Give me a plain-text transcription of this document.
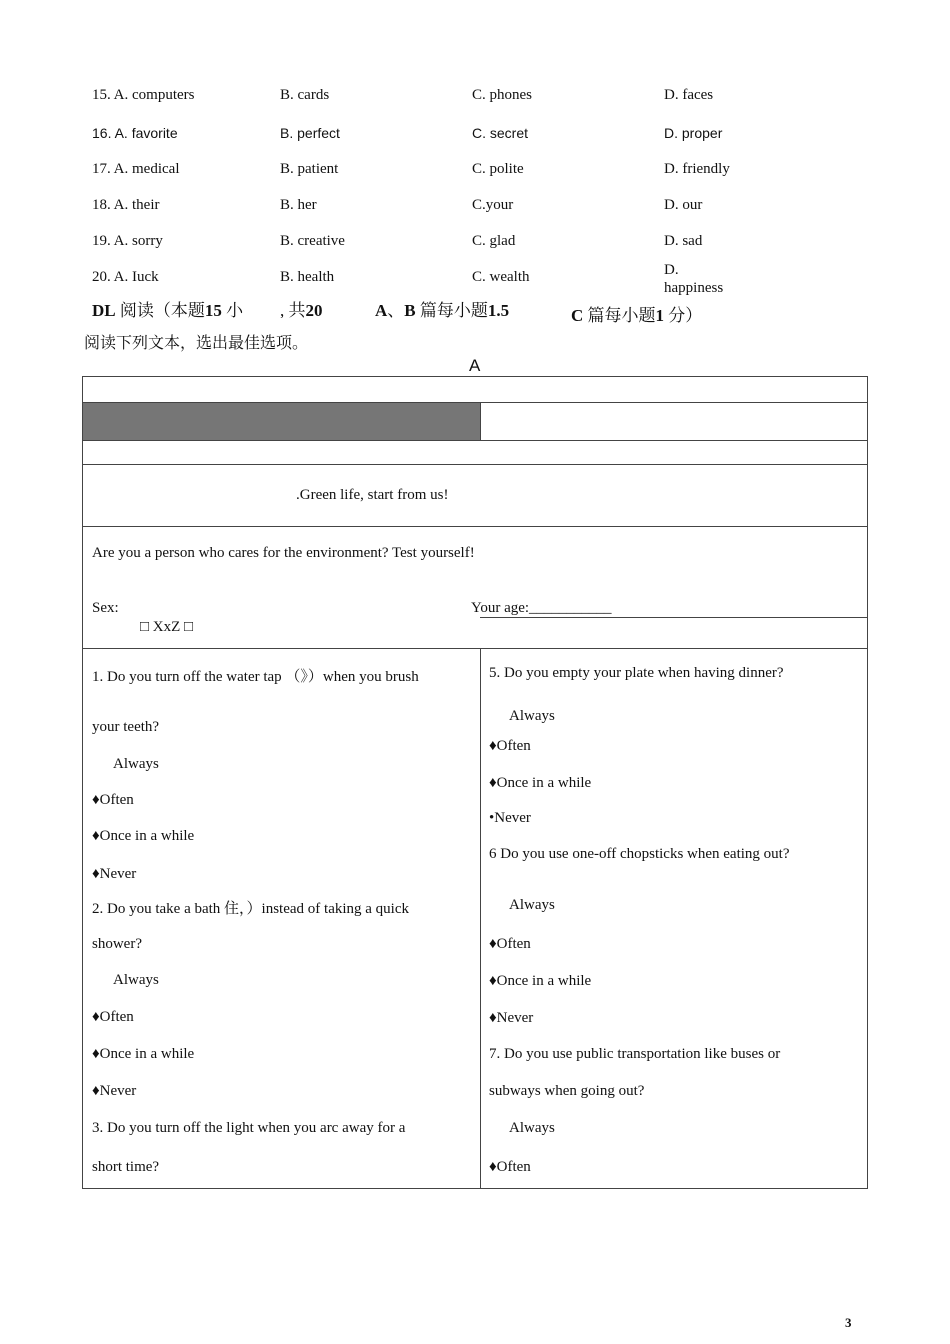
15. A. computers	B. cards	C. phones	D. faces
16. A. favorite	B. perfect	C. secret	D. proper
17. A. medical	B. patient	C. polite	D. friendly
18. A. their	B. her	C.your	D. our
19. A. sorry	B. creative	C. glad	D. sad
20. A. Iuck	B. health	C. wealth	D.
happiness
DL 阅读（本题15 小	, 共20	A、B 篇每小题1.5	C 篇每小题1 分）
阅读下列文本，选出最佳选项。
A
.Green life, start from us!
Are you a person who cares for the environment? Test yourself!
Sex:
□ XxZ □
Your age:___________
1. Do you turn off the water tap （》）when you brush
your teeth?
Always
♦Often
♦Once in a while
♦Never
2. Do you take a bath 住，）instead of taking a quick
shower?
Always
♦Often
♦Once in a while
♦Never
3. Do you turn off the light when you arc away for a
short time?
5. Do you empty your plate when having dinner?
Always
♦Often
♦Once in a while
•Never
6 Do you use one-off chopsticks when eating out?
Always
♦Often
♦Once in a while
♦Never
7. Do you use public transportation like buses or
subways when going out?
Always
♦Often
3
